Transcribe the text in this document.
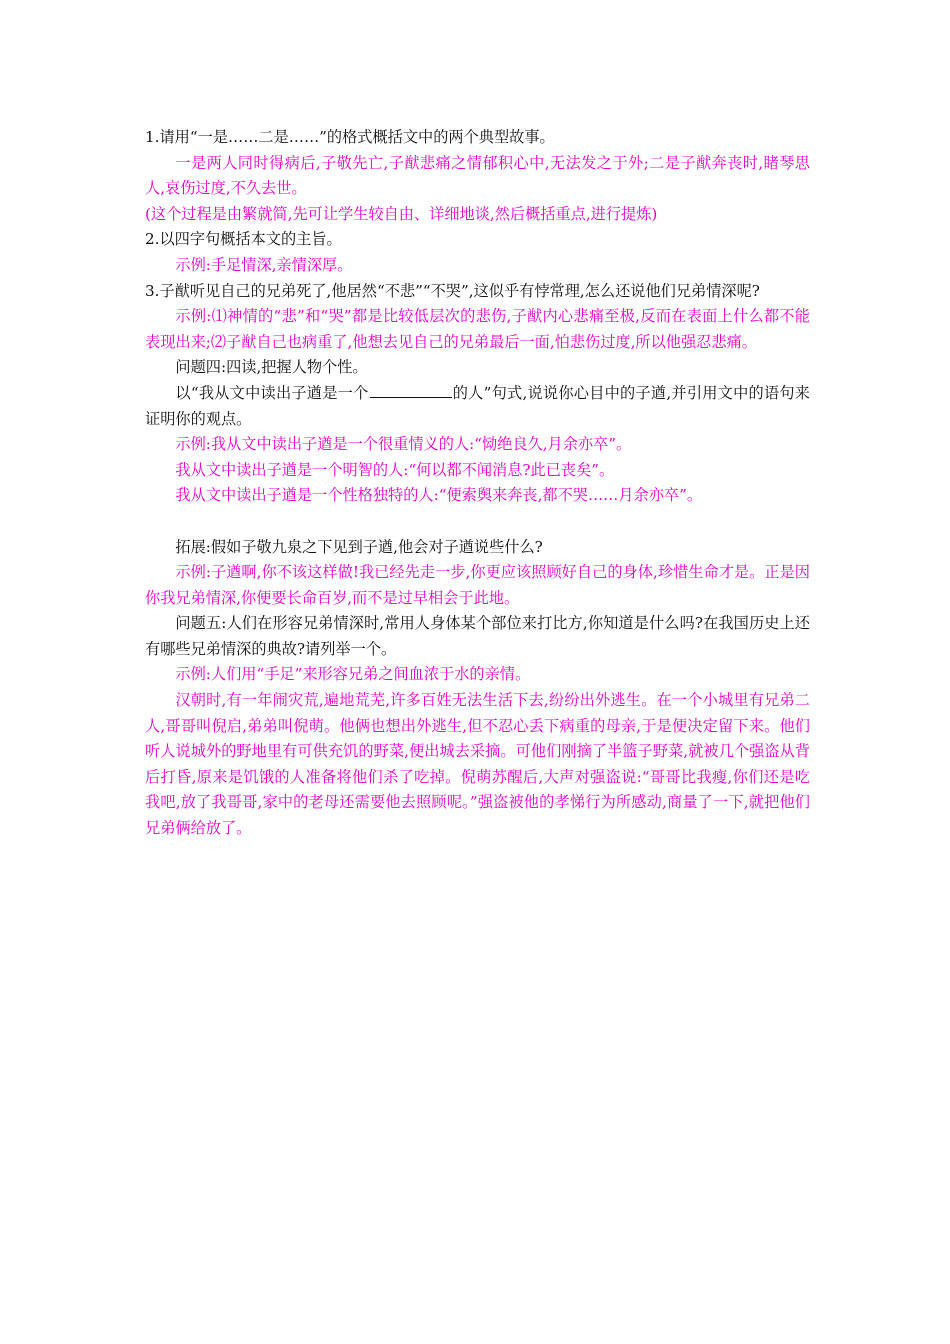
1.请用“一是……二是……”的格式概括文中的两个典型故事。

一是两人同时得病后,子敬先亡,子猷悲痛之情郁积心中,无法发之于外;二是子猷奔丧时,睹琴思人,哀伤过度,不久去世。

(这个过程是由繁就简,先可让学生较自由、详细地谈,然后概括重点,进行提炼)

2.以四字句概括本文的主旨。

示例:手足情深,亲情深厚。

3.子猷听见自己的兄弟死了,他居然“不悲”“不哭”,这似乎有悖常理,怎么还说他们兄弟情深呢?

示例:⑴神情的“悲”和“哭”都是比较低层次的悲伤,子猷内心悲痛至极,反而在表面上什么都不能表现出来;⑵子猷自己也病重了,他想去见自己的兄弟最后一面,怕悲伤过度,所以他强忍悲痛。

问题四:四读,把握人物个性。

以“我从文中读出子遒是一个	的人”句式,说说你心目中的子遒,并引用文中的语句来证明你的观点。

示例:我从文中读出子遒是一个很重情义的人:“恸绝良久,月余亦卒”。

我从文中读出子遒是一个明智的人:“何以都不闻消息?此已丧矣”。

我从文中读出子遒是一个性格独特的人:“便索舆来奔丧,都不哭……月余亦卒”。

拓展:假如子敬九泉之下见到子遒,他会对子遒说些什么?

示例:子遒啊,你不该这样做!我已经先走一步,你更应该照顾好自己的身体,珍惜生命才是。正是因你我兄弟情深,你便要长命百岁,而不是过早相会于此地。

问题五:人们在形容兄弟情深时,常用人身体某个部位来打比方,你知道是什么吗?在我国历史上还有哪些兄弟情深的典故?请列举一个。

示例:人们用“手足”来形容兄弟之间血浓于水的亲情。

汉朝时,有一年闹灾荒,遍地荒芜,许多百姓无法生活下去,纷纷出外逃生。在一个小城里有兄弟二人,哥哥叫倪启,弟弟叫倪萌。他俩也想出外逃生,但不忍心丢下病重的母亲,于是便决定留下来。他们听人说城外的野地里有可供充饥的野菜,便出城去采摘。可他们刚摘了半篮子野菜,就被几个强盗从背后打昏,原来是饥饿的人准备将他们杀了吃掉。倪萌苏醒后,大声对强盗说:“哥哥比我瘦,你们还是吃我吧,放了我哥哥,家中的老母还需要他去照顾呢。”强盗被他的孝悌行为所感动,商量了一下,就把他们兄弟俩给放了。
